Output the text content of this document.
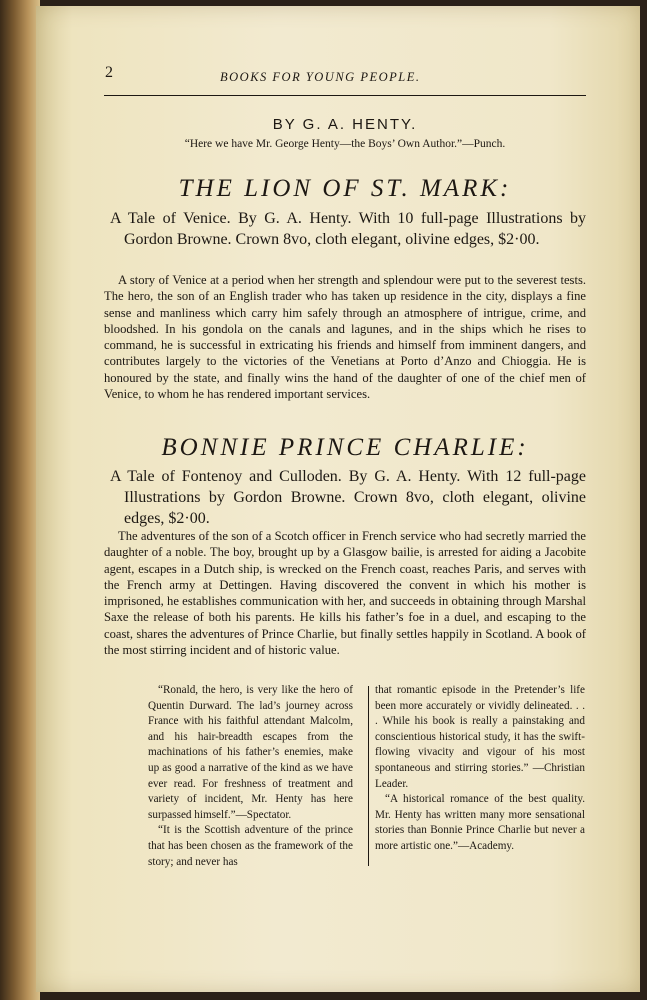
2	BOOKS FOR YOUNG PEOPLE.
BY G. A. HENTY.
“Here we have Mr. George Henty—the Boys’ Own Author.”—Punch.
THE LION OF ST. MARK:
A Tale of Venice. By G. A. Henty. With 10 full-page Illustrations by Gordon Browne. Crown 8vo, cloth elegant, olivine edges, $2·00.
A story of Venice at a period when her strength and splendour were put to the severest tests. The hero, the son of an English trader who has taken up residence in the city, displays a fine sense and manliness which carry him safely through an atmosphere of intrigue, crime, and bloodshed. In his gondola on the canals and lagunes, and in the ships which he rises to command, he is successful in extricating his friends and himself from imminent dangers, and contributes largely to the victories of the Venetians at Porto d’Anzo and Chioggia. He is honoured by the state, and finally wins the hand of the daughter of one of the chief men of Venice, to whom he has rendered important services.
BONNIE PRINCE CHARLIE:
A Tale of Fontenoy and Culloden. By G. A. Henty. With 12 full-page Illustrations by Gordon Browne. Crown 8vo, cloth elegant, olivine edges, $2·00.
The adventures of the son of a Scotch officer in French service who had secretly married the daughter of a noble. The boy, brought up by a Glasgow bailie, is arrested for aiding a Jacobite agent, escapes in a Dutch ship, is wrecked on the French coast, reaches Paris, and serves with the French army at Dettingen. Having discovered the convent in which his mother is imprisoned, he establishes communication with her, and succeeds in obtaining through Marshal Saxe the release of both his parents. He kills his father’s foe in a duel, and escaping to the coast, shares the adventures of Prince Charlie, but finally settles happily in Scotland. A book of the most stirring incident and of historic value.

“Ronald, the hero, is very like the hero of Quentin Durward. The lad’s journey across France with his faithful attendant Malcolm, and his hair-breadth escapes from the machinations of his father’s enemies, make up as good a narrative of the kind as we have ever read. For freshness of treatment and variety of incident, Mr. Henty has here surpassed himself.”—Spectator.

“It is the Scottish adventure of the prince that has been chosen as the framework of the story; and never has

that romantic episode in the Pretender’s life been more accurately or vividly delineated. . . . While his book is really a painstaking and conscientious historical study, it has the swift-flowing vivacity and vigour of his most spontaneous and stirring stories.” —Christian Leader.

“A historical romance of the best quality. Mr. Henty has written many more sensational stories than Bonnie Prince Charlie but never a more artistic one.”—Academy.
